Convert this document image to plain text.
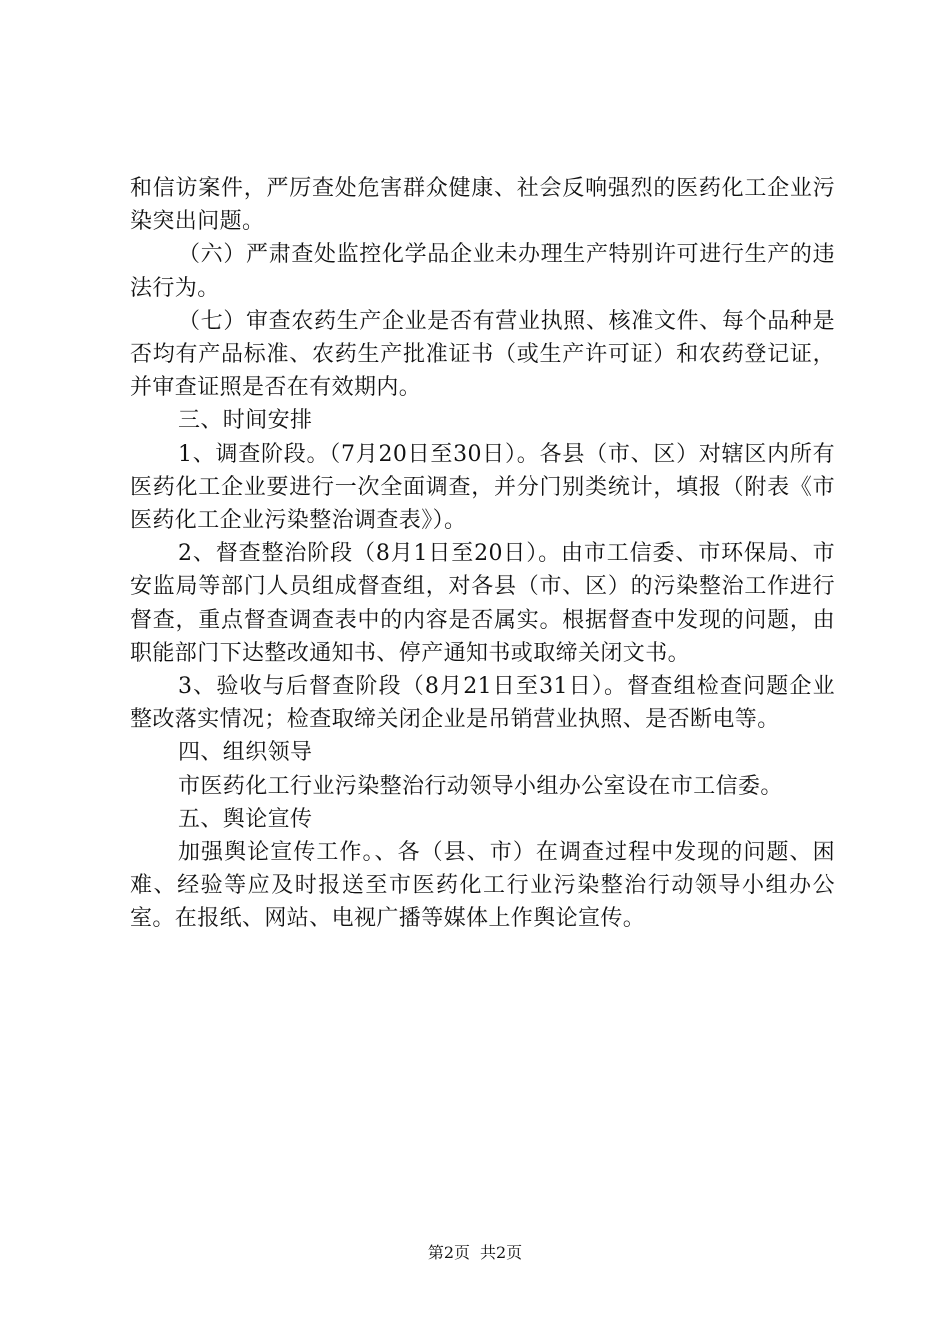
和信访案件，严厉查处危害群众健康、社会反响强烈的医药化工企业污染突出问题。

（六）严肃查处监控化学品企业未办理生产特别许可进行生产的违法行为。

（七）审查农药生产企业是否有营业执照、核准文件、每个品种是否均有产品标准、农药生产批准证书（或生产许可证）和农药登记证，并审查证照是否在有效期内。

三、时间安排

1、调查阶段。（7月20日至30日）。各县（市、区）对辖区内所有医药化工企业要进行一次全面调查，并分门别类统计，填报（附表《市医药化工企业污染整治调查表》）。

2、督查整治阶段（8月1日至20日）。由市工信委、市环保局、市安监局等部门人员组成督查组，对各县（市、区）的污染整治工作进行督查，重点督查调查表中的内容是否属实。根据督查中发现的问题，由职能部门下达整改通知书、停产通知书或取缔关闭文书。

3、验收与后督查阶段（8月21日至31日）。督查组检查问题企业整改落实情况；检查取缔关闭企业是吊销营业执照、是否断电等。

四、组织领导

市医药化工行业污染整治行动领导小组办公室设在市工信委。

五、舆论宣传

加强舆论宣传工作。、各（县、市）在调查过程中发现的问题、困难、经验等应及时报送至市医药化工行业污染整治行动领导小组办公室。在报纸、网站、电视广播等媒体上作舆论宣传。

第2页 共2页
